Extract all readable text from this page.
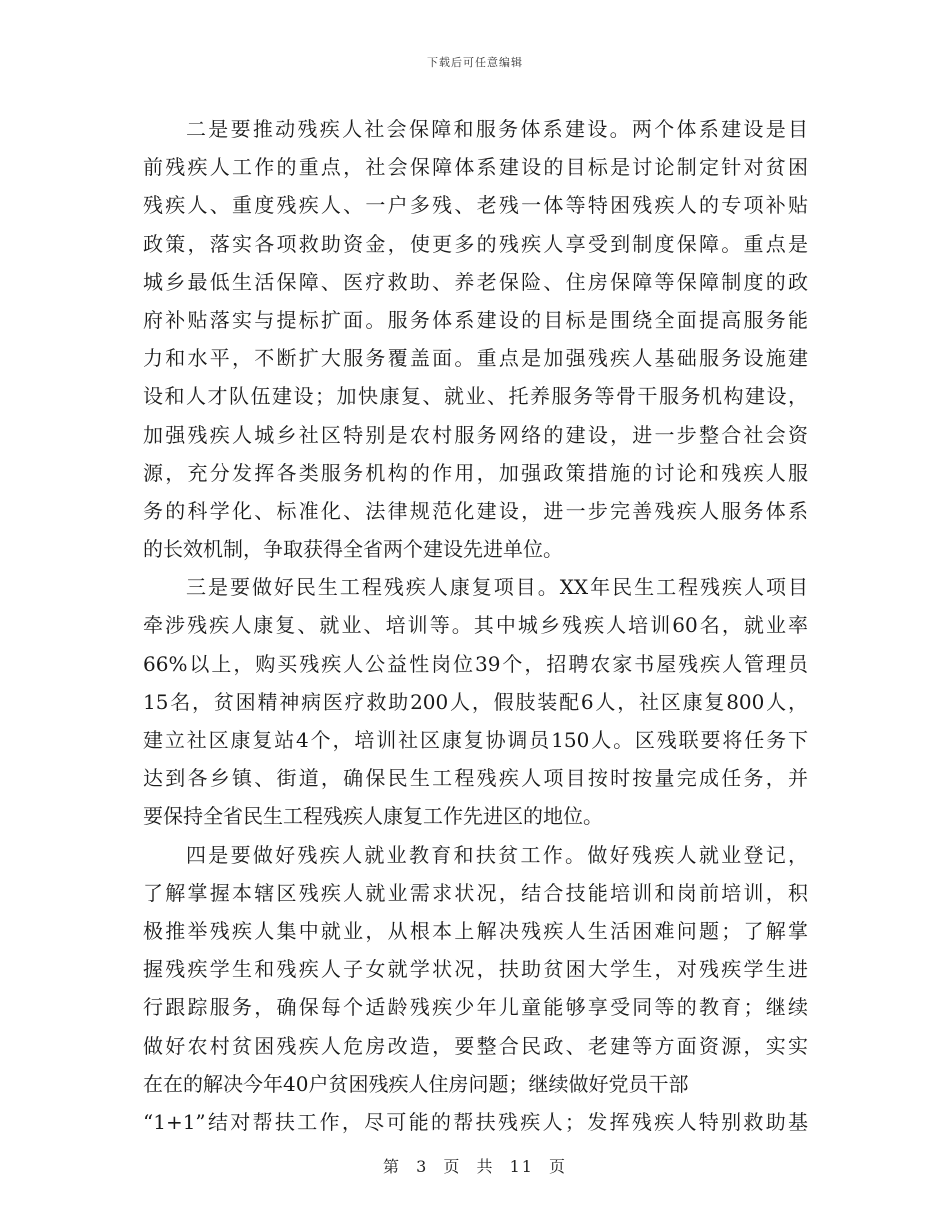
下载后可任意编辑
二是要推动残疾人社会保障和服务体系建设。两个体系建设是目
前残疾人工作的重点，社会保障体系建设的目标是讨论制定针对贫困
残疾人、重度残疾人、一户多残、老残一体等特困残疾人的专项补贴
政策，落实各项救助资金，使更多的残疾人享受到制度保障。重点是
城乡最低生活保障、医疗救助、养老保险、住房保障等保障制度的政
府补贴落实与提标扩面。服务体系建设的目标是围绕全面提高服务能
力和水平，不断扩大服务覆盖面。重点是加强残疾人基础服务设施建
设和人才队伍建设；加快康复、就业、托养服务等骨干服务机构建设，
加强残疾人城乡社区特别是农村服务网络的建设，进一步整合社会资
源，充分发挥各类服务机构的作用，加强政策措施的讨论和残疾人服
务的科学化、标准化、法律规范化建设，进一步完善残疾人服务体系
的长效机制，争取获得全省两个建设先进单位。
三是要做好民生工程残疾人康复项目。XX年民生工程残疾人项目
牵涉残疾人康复、就业、培训等。其中城乡残疾人培训60名，就业率
66%以上，购买残疾人公益性岗位39个，招聘农家书屋残疾人管理员
15名，贫困精神病医疗救助200人，假肢装配6人，社区康复800人，
建立社区康复站4个，培训社区康复协调员150人。区残联要将任务下
达到各乡镇、街道，确保民生工程残疾人项目按时按量完成任务，并
要保持全省民生工程残疾人康复工作先进区的地位。
四是要做好残疾人就业教育和扶贫工作。做好残疾人就业登记，
了解掌握本辖区残疾人就业需求状况，结合技能培训和岗前培训，积
极推举残疾人集中就业，从根本上解决残疾人生活困难问题；了解掌
握残疾学生和残疾人子女就学状况，扶助贫困大学生，对残疾学生进
行跟踪服务，确保每个适龄残疾少年儿童能够享受同等的教育；继续
做好农村贫困残疾人危房改造，要整合民政、老建等方面资源，实实
在在的解决今年40户贫困残疾人住房问题；继续做好党员干部
“1+1”结对帮扶工作，尽可能的帮扶残疾人；发挥残疾人特别救助基
第 3 页 共 11 页
